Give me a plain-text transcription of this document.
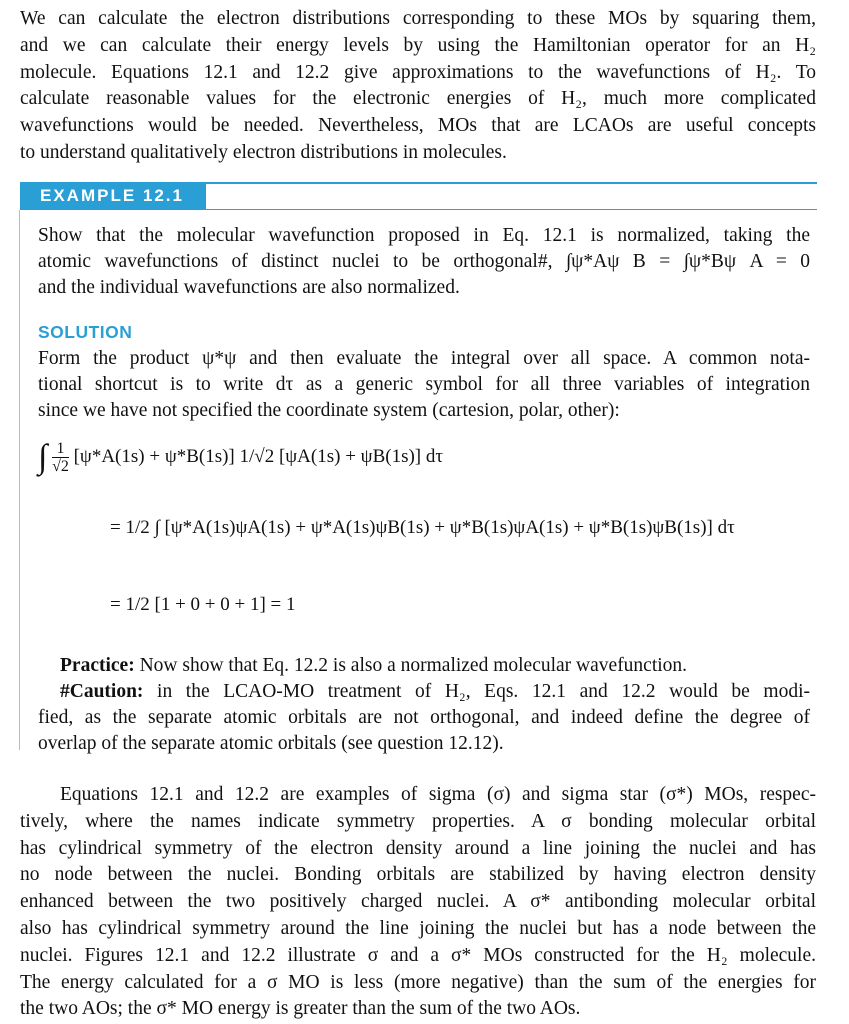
We can calculate the electron distributions corresponding to these MOs by squaring them,
and we can calculate their energy levels by using the Hamiltonian operator for an H₂
molecule. Equations 12.1 and 12.2 give approximations to the wavefunctions of H₂. To
calculate reasonable values for the electronic energies of H₂, much more complicated
wavefunctions would be needed. Nevertheless, MOs that are LCAOs are useful concepts
to understand qualitatively electron distributions in molecules.
EXAMPLE 12.1
Show that the molecular wavefunction proposed in Eq. 12.1 is normalized, taking the
atomic wavefunctions of distinct nuclei to be orthogonal#, ∫ψ*Aψ B = ∫ψ*Bψ A = 0
and the individual wavefunctions are also normalized.
SOLUTION
Form the product ψ*ψ and then evaluate the integral over all space. A common nota-
tional shortcut is to write dτ as a generic symbol for all three variables of integration
since we have not specified the coordinate system (cartesion, polar, other):
∫ $\frac{1}{√2} [\psi*A(1s) + \psi*B(1s)]$ 1/√2 [ψA(1s) + ψB(1s)] dτ
= 1/2 ∫ [ψ*A(1s)ψA(1s) + ψ*A(1s)ψB(1s) + ψ*B(1s)ψA(1s) + ψ*B(1s)ψB(1s)] dτ
= 1/2 [1 + 0 + 0 + 1] = 1
Practice: Now show that Eq. 12.2 is also a normalized molecular wavefunction.
#Caution: in the LCAO-MO treatment of H₂, Eqs. 12.1 and 12.2 would be modi-
fied, as the separate atomic orbitals are not orthogonal, and indeed define the degree of
overlap of the separate atomic orbitals (see question 12.12).
Equations 12.1 and 12.2 are examples of sigma (σ) and sigma star (σ*) MOs, respec-
tively, where the names indicate symmetry properties. A σ bonding molecular orbital
has cylindrical symmetry of the electron density around a line joining the nuclei and has
no node between the nuclei. Bonding orbitals are stabilized by having electron density
enhanced between the two positively charged nuclei. A σ* antibonding molecular orbital
also has cylindrical symmetry around the line joining the nuclei but has a node between the
nuclei. Figures 12.1 and 12.2 illustrate σ and a σ* MOs constructed for the H₂ molecule.
The energy calculated for a σ MO is less (more negative) than the sum of the energies for
the two AOs; the σ* MO energy is greater than the sum of the two AOs.
